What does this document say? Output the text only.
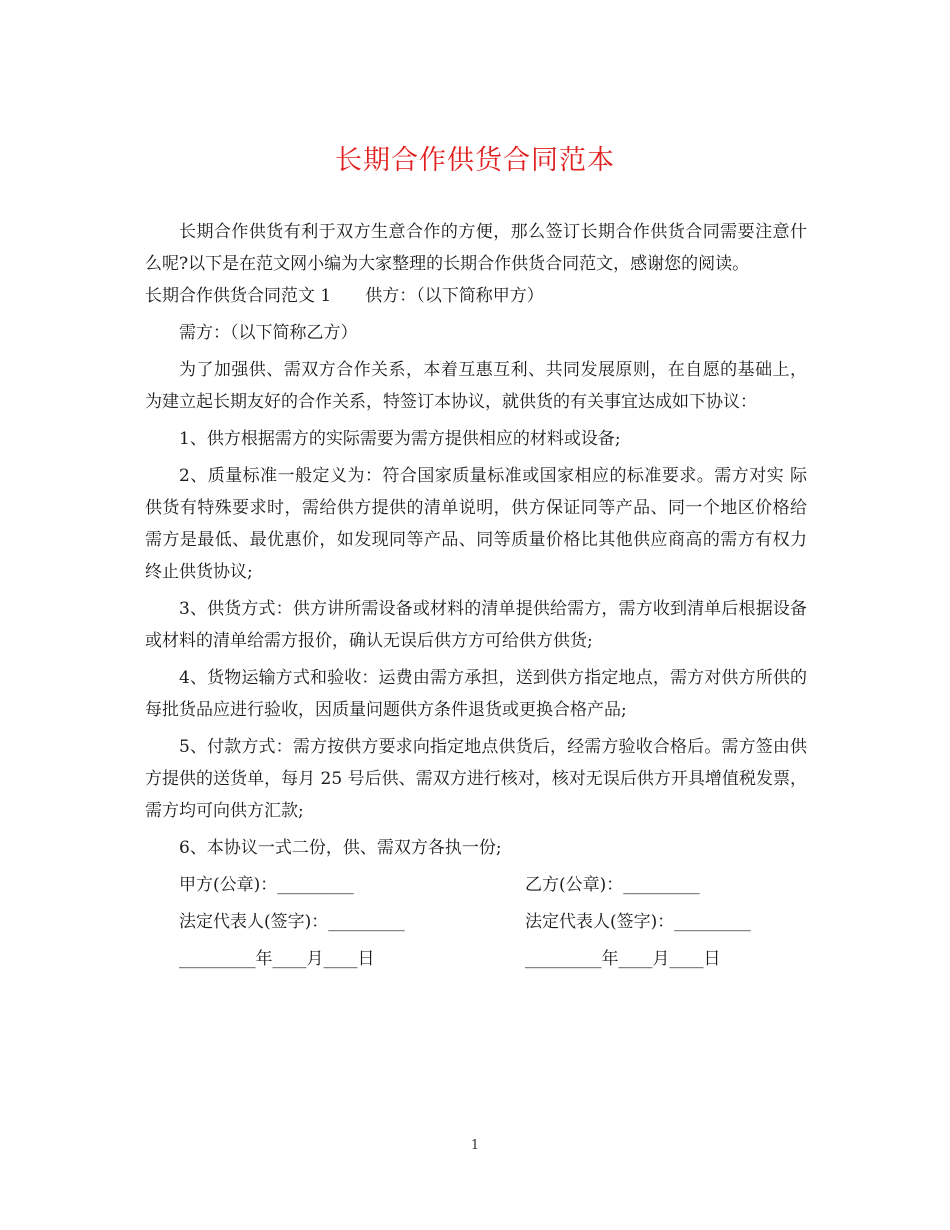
长期合作供货合同范本

长期合作供货有利于双方生意合作的方便，那么签订长期合作供货合同需要注意什么呢?以下是在范文网小编为大家整理的长期合作供货合同范文，感谢您的阅读。

长期合作供货合同范文 1 供方：（以下简称甲方）

需方：（以下简称乙方）

为了加强供、需双方合作关系，本着互惠互利、共同发展原则，在自愿的基础上，为建立起长期友好的合作关系，特签订本协议，就供货的有关事宜达成如下协议：

1、供方根据需方的实际需要为需方提供相应的材料或设备;

2、质量标准一般定义为：符合国家质量标准或国家相应的标准要求。需方对实 际供货有特殊要求时，需给供方提供的清单说明，供方保证同等产品、同一个地区价格给需方是最低、最优惠价，如发现同等产品、同等质量价格比其他供应商高的需方有权力终止供货协议;

3、供货方式：供方讲所需设备或材料的清单提供给需方，需方收到清单后根据设备或材料的清单给需方报价，确认无误后供方方可给供方供货;

4、货物运输方式和验收：运费由需方承担，送到供方指定地点，需方对供方所供的每批货品应进行验收，因质量问题供方条件退货或更换合格产品;

5、付款方式：需方按供方要求向指定地点供货后，经需方验收合格后。需方签由供方提供的送货单，每月 25 号后供、需双方进行核对，核对无误后供方开具增值税发票，需方均可向供方汇款;

6、本协议一式二份，供、需双方各执一份;

甲方(公章)：_________	乙方(公章)：_________

法定代表人(签字)：_________	法定代表人(签字)：_________

_________年____月____日	_________年____月____日

1
